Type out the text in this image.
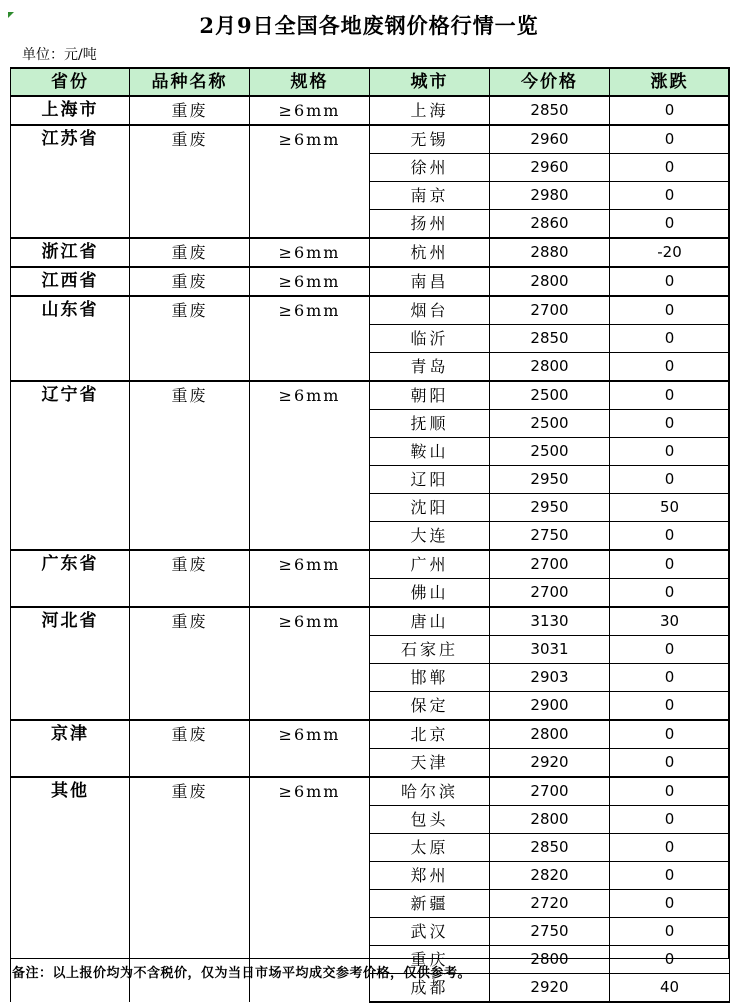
2月9日全国各地废钢价格行情一览
单位：元/吨
省份	品种名称	规格	城市	今价格	涨跌
上海市	重废	≥6mm	上海	2850	0
江苏省	重废	≥6mm	无锡	2960	0
			徐州	2960	0
			南京	2980	0
			扬州	2860	0
浙江省	重废	≥6mm	杭州	2880	-20
江西省	重废	≥6mm	南昌	2800	0
山东省	重废	≥6mm	烟台	2700	0
			临沂	2850	0
			青岛	2800	0
辽宁省	重废	≥6mm	朝阳	2500	0
			抚顺	2500	0
			鞍山	2500	0
			辽阳	2950	0
			沈阳	2950	50
			大连	2750	0
广东省	重废	≥6mm	广州	2700	0
			佛山	2700	0
河北省	重废	≥6mm	唐山	3130	30
			石家庄	3031	0
			邯郸	2903	0
			保定	2900	0
京津	重废	≥6mm	北京	2800	0
			天津	2920	0
其他	重废	≥6mm	哈尔滨	2700	0
			包头	2800	0
			太原	2850	0
			郑州	2820	0
			新疆	2720	0
			武汉	2750	0
			重庆	2800	0
			成都	2920	40
备注：以上报价均为不含税价，仅为当日市场平均成交参考价格，仅供参考。
